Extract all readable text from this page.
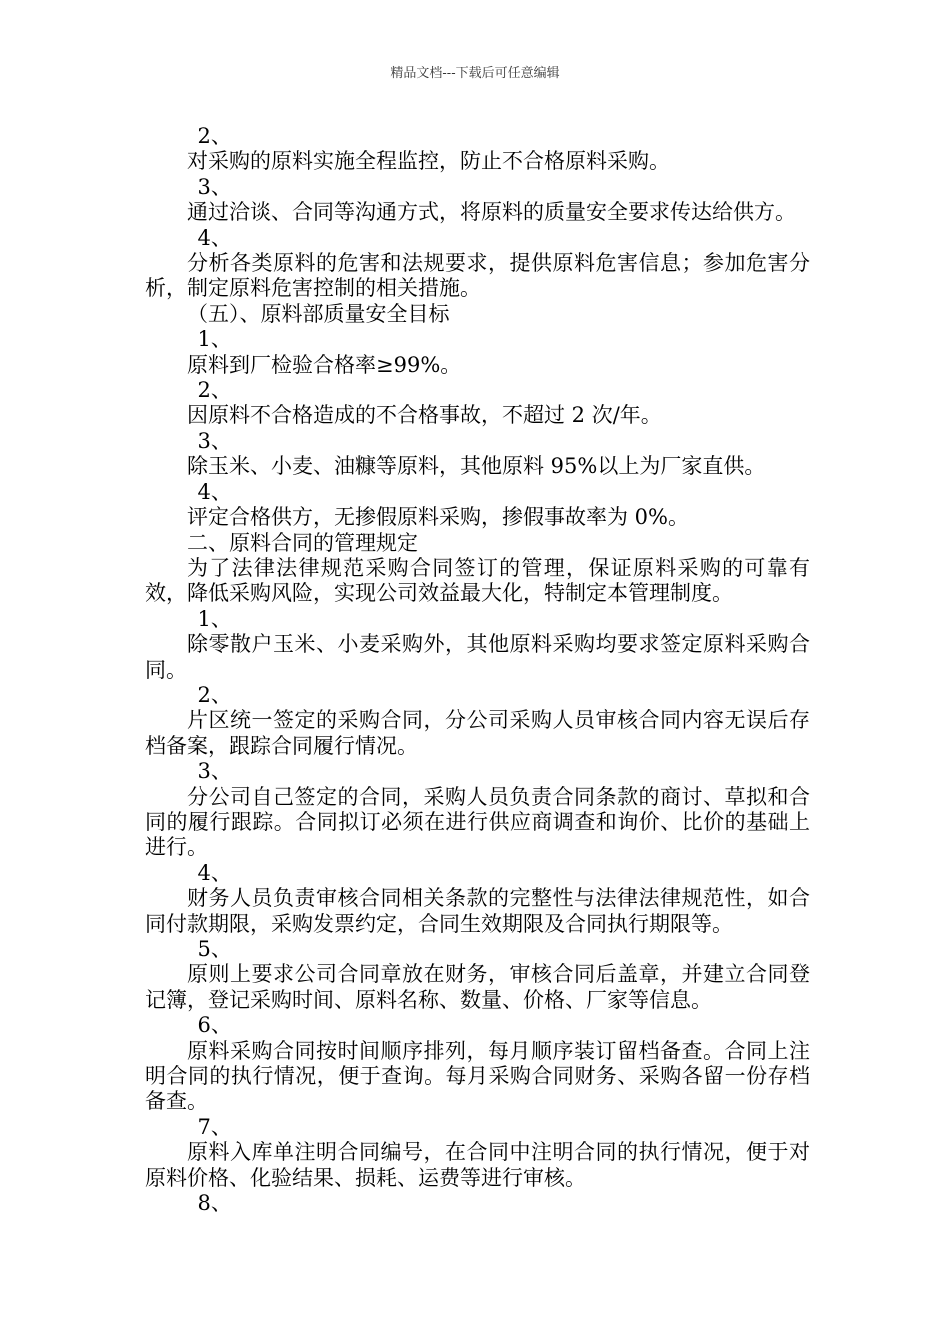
精品文档---下载后可任意编辑

2、

对采购的原料实施全程监控，防止不合格原料采购。

3、

通过洽谈、合同等沟通方式，将原料的质量安全要求传达给供方。

4、

分析各类原料的危害和法规要求，提供原料危害信息；参加危害分析，制定原料危害控制的相关措施。

（五）、原料部质量安全目标

1、

原料到厂检验合格率≥99%。

2、

因原料不合格造成的不合格事故，不超过 2 次/年。

3、

除玉米、小麦、油糠等原料，其他原料 95%以上为厂家直供。

4、

评定合格供方，无掺假原料采购，掺假事故率为 0%。

二、原料合同的管理规定

为了法律法律规范采购合同签订的管理，保证原料采购的可靠有效，降低采购风险，实现公司效益最大化，特制定本管理制度。

1、

除零散户玉米、小麦采购外，其他原料采购均要求签定原料采购合同。

2、

片区统一签定的采购合同，分公司采购人员审核合同内容无误后存档备案，跟踪合同履行情况。

3、

分公司自己签定的合同，采购人员负责合同条款的商讨、草拟和合同的履行跟踪。合同拟订必须在进行供应商调查和询价、比价的基础上进行。

4、

财务人员负责审核合同相关条款的完整性与法律法律规范性，如合同付款期限，采购发票约定，合同生效期限及合同执行期限等。

5、

原则上要求公司合同章放在财务，审核合同后盖章，并建立合同登记簿，登记采购时间、原料名称、数量、价格、厂家等信息。

6、

原料采购合同按时间顺序排列，每月顺序装订留档备查。合同上注明合同的执行情况，便于查询。每月采购合同财务、采购各留一份存档备查。

7、

原料入库单注明合同编号，在合同中注明合同的执行情况，便于对原料价格、化验结果、损耗、运费等进行审核。

8、
